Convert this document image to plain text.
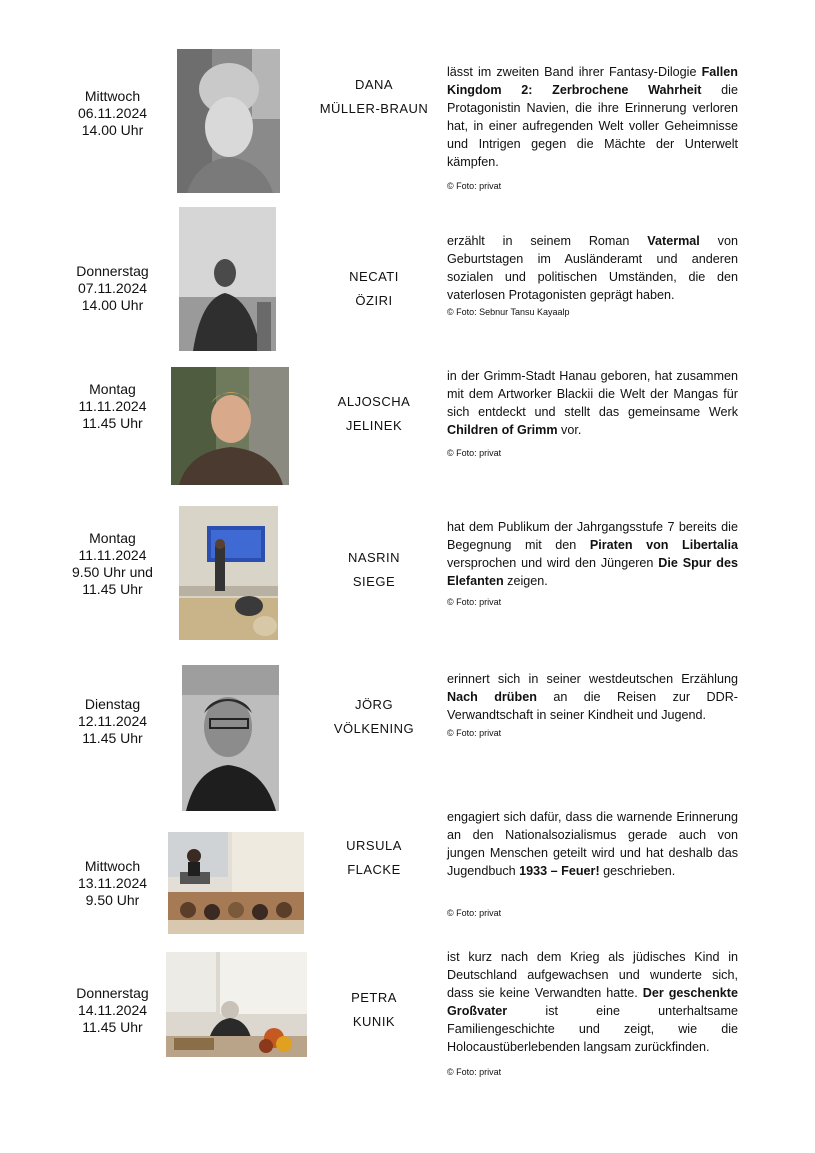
Mittwoch
06.11.2024
14.00 Uhr
DANA
MÜLLER-BRAUN

lässt im zweiten Band ihrer Fantasy-Dilogie Fallen Kingdom 2: Zerbrochene Wahrheit die Protagonistin Navien, die ihre Erinnerung verloren hat, in einer aufregenden Welt voller Geheimnisse und Intrigen gegen die Mächte der Unterwelt kämpfen.

© Foto: privat
Donnerstag
07.11.2024
14.00 Uhr
NECATI
ÖZIRI

erzählt in seinem Roman Vatermal von Geburtstagen im Ausländeramt und anderen sozialen und politischen Umständen, die den vaterlosen Protagonisten geprägt haben.

© Foto: Sebnur Tansu Kayaalp
Montag
11.11.2024
11.45 Uhr
ALJOSCHA
JELINEK

in der Grimm-Stadt Hanau geboren, hat zusammen mit dem Artworker Blackii die Welt der Mangas für sich entdeckt und stellt das gemeinsame Werk Children of Grimm vor.

© Foto: privat
Montag
11.11.2024
9.50 Uhr und
11.45 Uhr
NASRIN
SIEGE

hat dem Publikum der Jahrgangsstufe 7 bereits die Begegnung mit den Piraten von Libertalia versprochen und wird den Jüngeren Die Spur des Elefanten zeigen.

© Foto: privat
Dienstag
12.11.2024
11.45 Uhr
JÖRG
VÖLKENING

erinnert sich in seiner westdeutschen Erzählung Nach drüben an die Reisen zur DDR-Verwandtschaft in seiner Kindheit und Jugend.

© Foto: privat
Mittwoch
13.11.2024
9.50 Uhr
URSULA
FLACKE

engagiert sich dafür, dass die warnende Erinnerung an den Nationalsozialismus gerade auch von jungen Menschen geteilt wird und hat deshalb das Jugendbuch 1933 – Feuer! geschrieben.

© Foto: privat
Donnerstag
14.11.2024
11.45 Uhr
PETRA
KUNIK

ist kurz nach dem Krieg als jüdisches Kind in Deutschland aufgewachsen und wunderte sich, dass sie keine Verwandten hatte. Der geschenkte Großvater ist eine unterhaltsame Familiengeschichte und zeigt, wie die Holocaustüberlebenden langsam zurückfinden.

© Foto: privat
